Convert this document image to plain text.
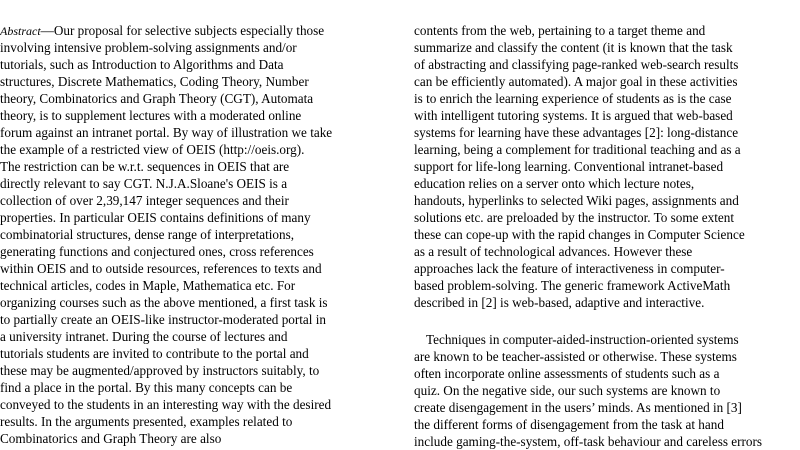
Abstract—Our proposal for selective subjects especially those
involving intensive problem-solving assignments and/or
tutorials, such as Introduction to Algorithms and Data
structures, Discrete Mathematics, Coding Theory, Number
theory, Combinatorics and Graph Theory (CGT), Automata
theory, is to supplement lectures with a moderated online
forum against an intranet portal. By way of illustration we take
the example of a restricted view of OEIS (http://oeis.org).
The restriction can be w.r.t. sequences in OEIS that are
directly relevant to say CGT. N.J.A.Sloane's OEIS is a
collection of over 2,39,147 integer sequences and their
properties. In particular OEIS contains definitions of many
combinatorial structures, dense range of interpretations,
generating functions and conjectured ones, cross references
within OEIS and to outside resources, references to texts and
technical articles, codes in Maple, Mathematica etc. For
organizing courses such as the above mentioned, a first task is
to partially create an OEIS-like instructor-moderated portal in
a university intranet. During the course of lectures and
tutorials students are invited to contribute to the portal and
these may be augmented/approved by instructors suitably, to
find a place in the portal. By this many concepts can be
conveyed to the students in an interesting way with the desired
results. In the arguments presented, examples related to
Combinatorics and Graph Theory are also
contents from the web, pertaining to a target theme and
summarize and classify the content (it is known that the task
of abstracting and classifying page-ranked web-search results
can be efficiently automated). A major goal in these activities
is to enrich the learning experience of students as is the case
with intelligent tutoring systems. It is argued that web-based
systems for learning have these advantages [2]: long-distance
learning, being a complement for traditional teaching and as a
support for life-long learning. Conventional intranet-based
education relies on a server onto which lecture notes,
handouts, hyperlinks to selected Wiki pages, assignments and
solutions etc. are preloaded by the instructor. To some extent
these can cope-up with the rapid changes in Computer Science
as a result of technological advances. However these
approaches lack the feature of interactiveness in computer-
based problem-solving. The generic framework ActiveMath
described in [2] is web-based, adaptive and interactive.
Techniques in computer-aided-instruction-oriented systems
are known to be teacher-assisted or otherwise. These systems
often incorporate online assessments of students such as a
quiz. On the negative side, our such systems are known to
create disengagement in the users’ minds. As mentioned in [3]
the different forms of disengagement from the task at hand
include gaming-the-system, off-task behaviour and careless errors
